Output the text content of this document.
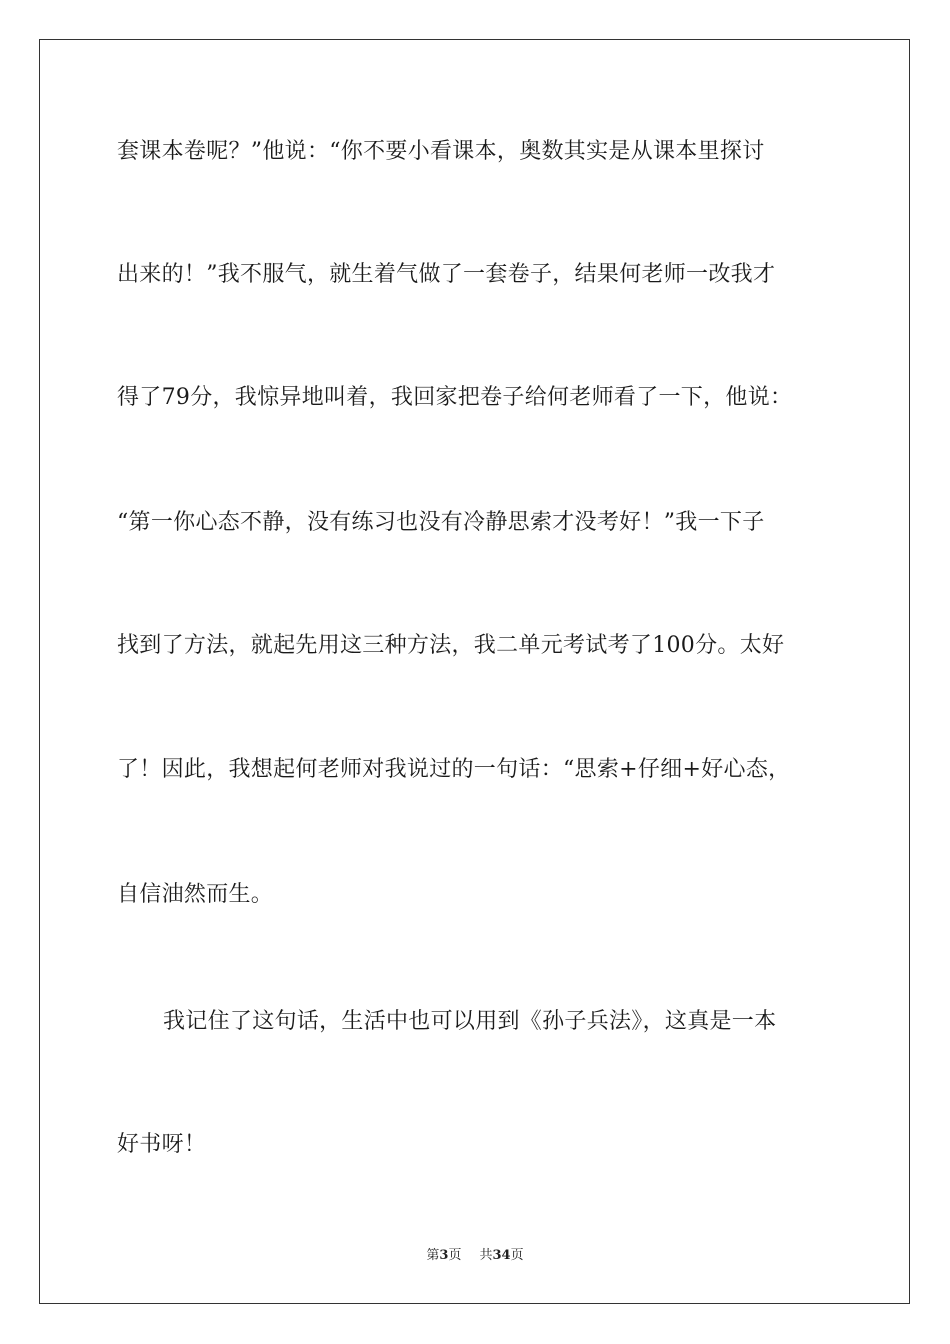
套课本卷呢？”他说：“你不要小看课本，奥数其实是从课本里探讨
出来的！”我不服气，就生着气做了一套卷子，结果何老师一改我才
得了79分，我惊异地叫着，我回家把卷子给何老师看了一下，他说：
“第一你心态不静，没有练习也没有冷静思索才没考好！”我一下子
找到了方法，就起先用这三种方法，我二单元考试考了100分。太好
了！因此，我想起何老师对我说过的一句话：“思索+仔细+好心态，
自信油然而生。
我记住了这句话，生活中也可以用到《孙子兵法》，这真是一本
好书呀！
第3页 共34页
